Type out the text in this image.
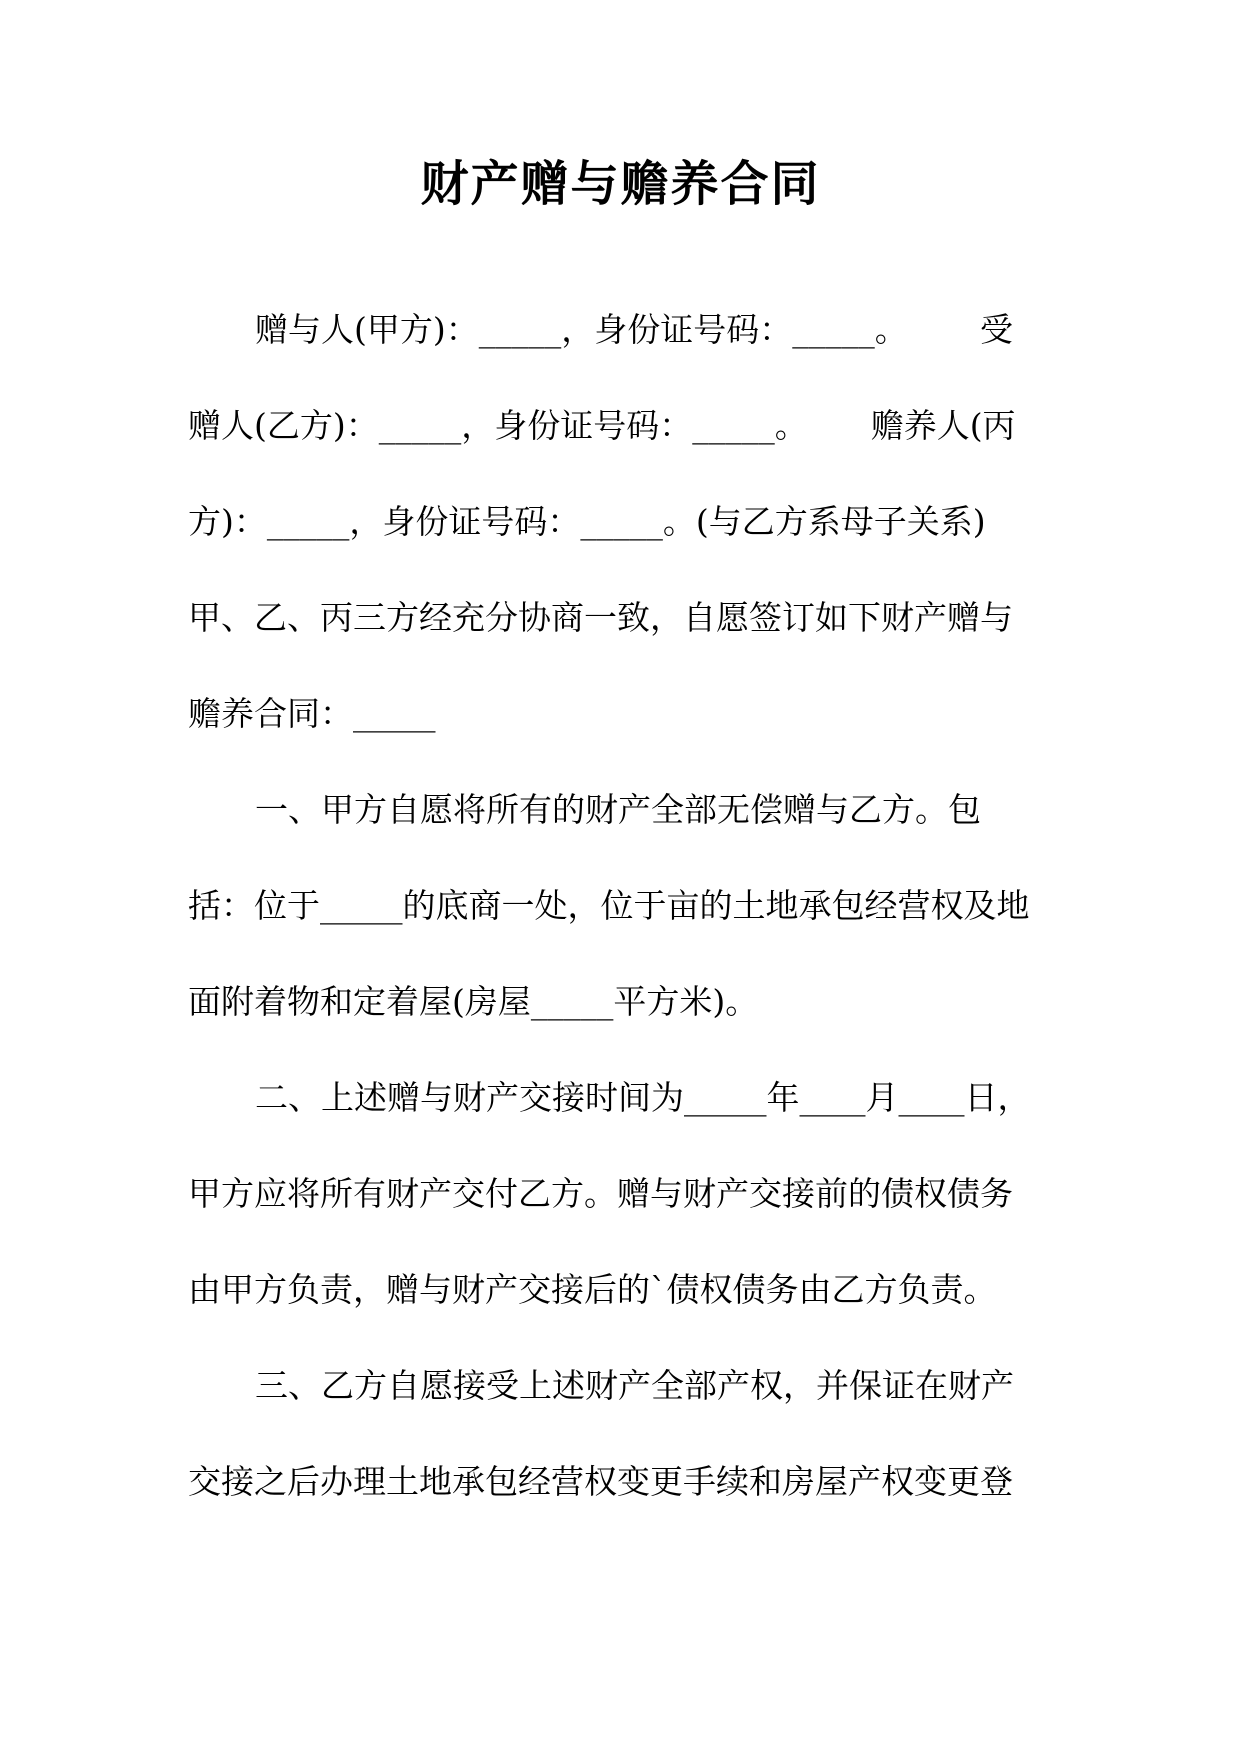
财产赠与赡养合同
赠与人(甲方)：_____，身份证号码：_____。	受
赠人(乙方)：_____，身份证号码：_____。      赡养人(丙
方)：_____，身份证号码：_____。(与乙方系母子关系)
甲、乙、丙三方经充分协商一致，自愿签订如下财产赠与
赡养合同：_____
一、甲方自愿将所有的财产全部无偿赠与乙方。包
括：位于_____的底商一处，位于亩的土地承包经营权及地
面附着物和定着屋(房屋_____平方米)。
二、上述赠与财产交接时间为_____年____月____日，
甲方应将所有财产交付乙方。赠与财产交接前的债权债务
由甲方负责，赠与财产交接后的`债权债务由乙方负责。
三、乙方自愿接受上述财产全部产权，并保证在财产
交接之后办理土地承包经营权变更手续和房屋产权变更登
